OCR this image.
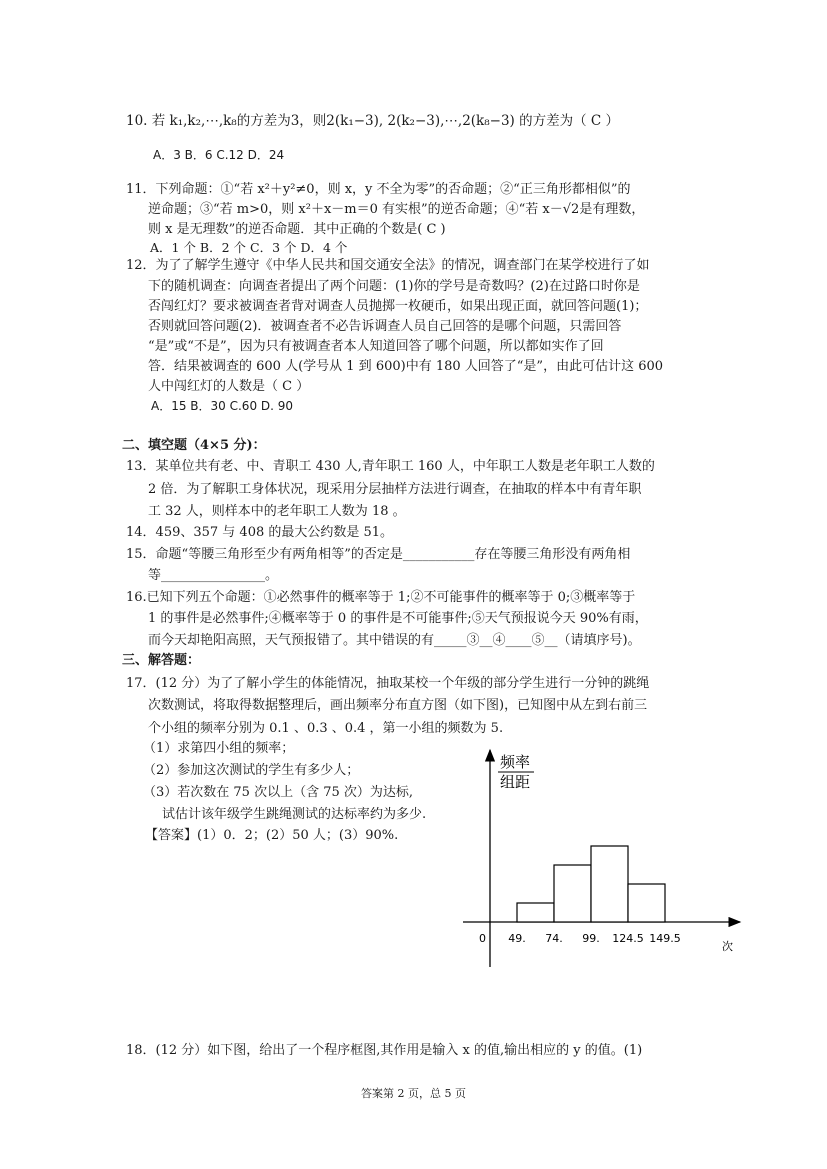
10. 若 k₁,k₂,⋯,k₈的方差为3，则2(k₁−3), 2(k₂−3),⋯,2(k₈−3) 的方差为（ C ）
A．3 B．6 C.12 D．24
11．下列命题：①“若 x²＋y²≠0，则 x，y 不全为零”的否命题；②“正三角形都相似”的
逆命题；③“若 m>0，则 x²＋x－m＝0 有实根”的逆否命题；④“若 x－√2是有理数，
则 x 是无理数”的逆否命题．其中正确的个数是( C )
A．1 个 B．2 个 C．3 个 D．4 个
12．为了了解学生遵守《中华人民共和国交通安全法》的情况，调查部门在某学校进行了如
下的随机调查：向调查者提出了两个问题：(1)你的学号是奇数吗？(2)在过路口时你是
否闯红灯？要求被调查者背对调查人员抛掷一枚硬币，如果出现正面，就回答问题(1)；
否则就回答问题(2)．被调查者不必告诉调查人员自己回答的是哪个问题，只需回答
“是”或“不是”，因为只有被调查者本人知道回答了哪个问题，所以都如实作了回
答．结果被调查的 600 人(学号从 1 到 600)中有 180 人回答了“是”，由此可估计这 600
人中闯红灯的人数是（ C ）
A．15 B．30 C.60 D. 90
二、填空题（4×5 分)：
13．某单位共有老、中、青职工 430 人,青年职工 160 人，中年职工人数是老年职工人数的
2 倍．为了解职工身体状况，现采用分层抽样方法进行调查，在抽取的样本中有青年职
工 32 人，则样本中的老年职工人数为 18 。
14．459、357 与 408 的最大公约数是 51。
15．命题“等腰三角形至少有两角相等”的否定是___________存在等腰三角形没有两角相
等________________。
16.已知下列五个命题：①必然事件的概率等于 1;②不可能事件的概率等于 0;③概率等于
1 的事件是必然事件;④概率等于 0 的事件是不可能事件;⑤天气预报说今天 90%有雨，
而今天却艳阳高照，天气预报错了。其中错误的有_____③__④____⑤__（请填序号)。
三、解答题：
17．(12 分）为了了解小学生的体能情况，抽取某校一个年级的部分学生进行一分钟的跳绳
次数测试，将取得数据整理后，画出频率分布直方图（如下图)，已知图中从左到右前三
个小组的频率分别为 0.1 、0.3 、0.4 ，第一小组的频数为 5.
（1）求第四小组的频率；
（2）参加这次测试的学生有多少人；
（3）若次数在 75 次以上（含 75 次）为达标,
试估计该年级学生跳绳测试的达标率约为多少.
【答案】(1）0．2；(2）50 人；(3）90%.
频率
组距
49. 74. 99. 124.5 149.5
0
次
18．(12 分）如下图，给出了一个程序框图,其作用是输入 x 的值,输出相应的 y 的值。(1)
答案第 2 页，总 5 页
